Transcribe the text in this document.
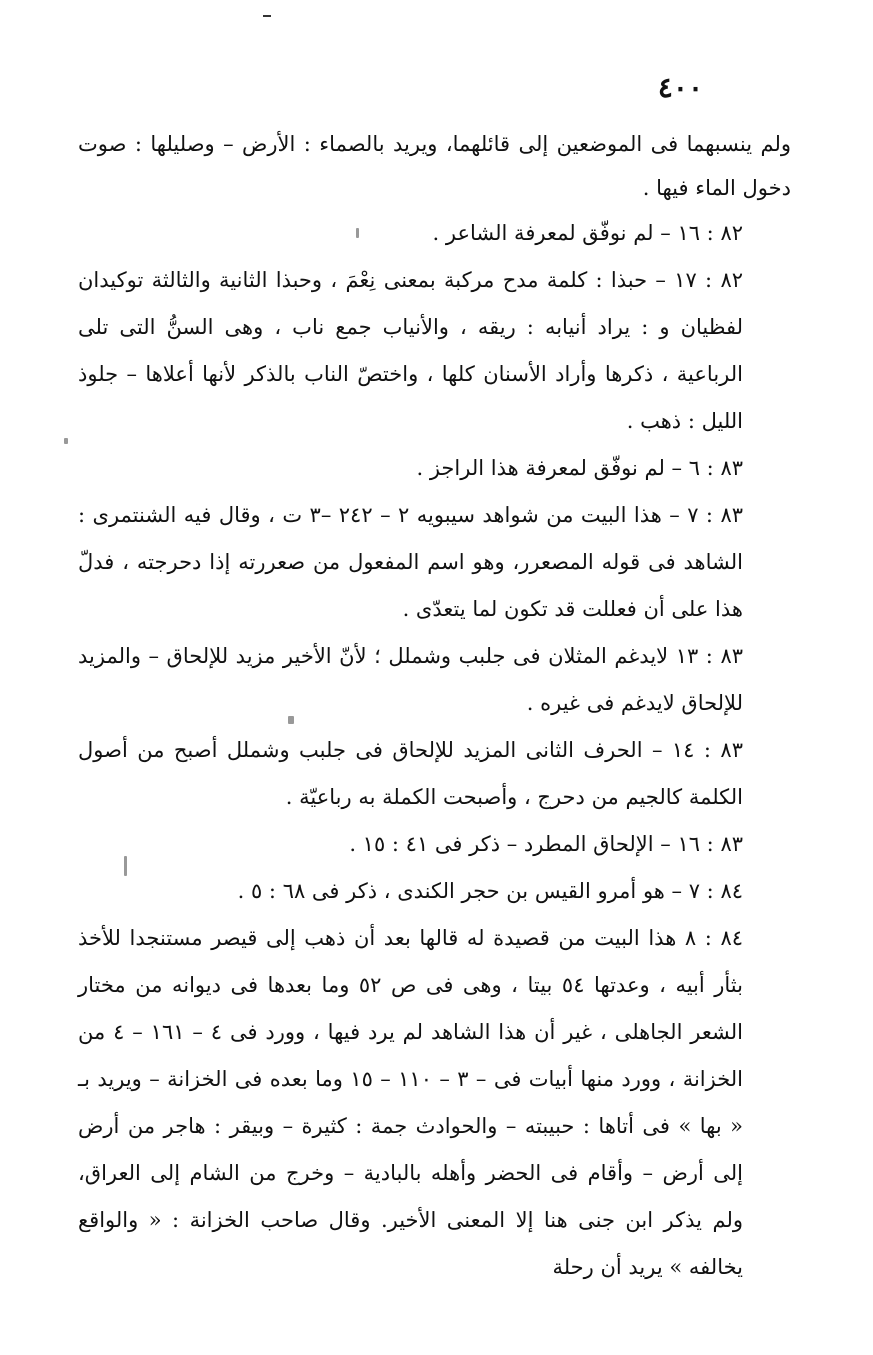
٤٠٠

ولم ينسبهما فى الموضعين إلى قائلهما، ويريد بالصماء : الأرض – وصليلها : صوت دخول الماء فيها .

٨٢ : ١٦ – لم نوفّق لمعرفة الشاعر .

٨٢ : ١٧ – حبذا : كلمة مدح مركبة بمعنى نِعْمَ ، وحبذا الثانية والثالثة توكيدان لفظيان و : يراد أنيابه : ريقه ، والأنياب جمع ناب ، وهى السنُّ التى تلى الرباعية ، ذكرها وأراد الأسنان كلها ، واختصّ الناب بالذكر لأنها أعلاها – جلوذ الليل : ذهب .

٨٣ : ٦ – لم نوفّق لمعرفة هذا الراجز .

٨٣ : ٧ – هذا البيت من شواهد سيبويه ٢ – ٢٤٢ –٣ ت ، وقال فيه الشنتمرى : الشاهد فى قوله المصعرر، وهو اسم المفعول من صعررته إذا دحرجته ، فدلّ هذا على أن فعللت قد تكون لما يتعدّى .

٨٣ : ١٣ لايدغم المثلان فى جلبب وشملل ؛ لأنّ الأخير مزيد للإلحاق – والمزيد للإلحاق لايدغم فى غيره .

٨٣ : ١٤ – الحرف الثانى المزيد للإلحاق فى جلبب وشملل أصبح من أصول الكلمة كالجيم من دحرج ، وأصبحت الكملة به رباعيّة .

٨٣ : ١٦ – الإلحاق المطرد – ذكر فى ٤١ : ١٥ .

٨٤ : ٧ – هو أمرو القيس بن حجر الكندى ، ذكر فى ٦٨ : ٥ .

٨٤ : ٨ هذا البيت من قصيدة له قالها بعد أن ذهب إلى قيصر مستنجدا للأخذ بثأر أبيه ، وعدتها ٥٤ بيتا ، وهى فى ص ٥٢ وما بعدها فى ديوانه من مختار الشعر الجاهلى ، غير أن هذا الشاهد لم يرد فيها ، وورد فى ٤ – ١٦١ – ٤ من الخزانة ، وورد منها أبيات فى – ٣ – ١١٠ – ١٥ وما بعده فى الخزانة – ويريد بـ « بها » فى أتاها : حبيبته – والحوادث جمة : كثيرة – وبيقر : هاجر من أرض إلى أرض – وأقام فى الحضر وأهله بالبادية – وخرج من الشام إلى العراق، ولم يذكر ابن جنى هنا إلا المعنى الأخير. وقال صاحب الخزانة : « والواقع يخالفه » يريد أن رحلة
